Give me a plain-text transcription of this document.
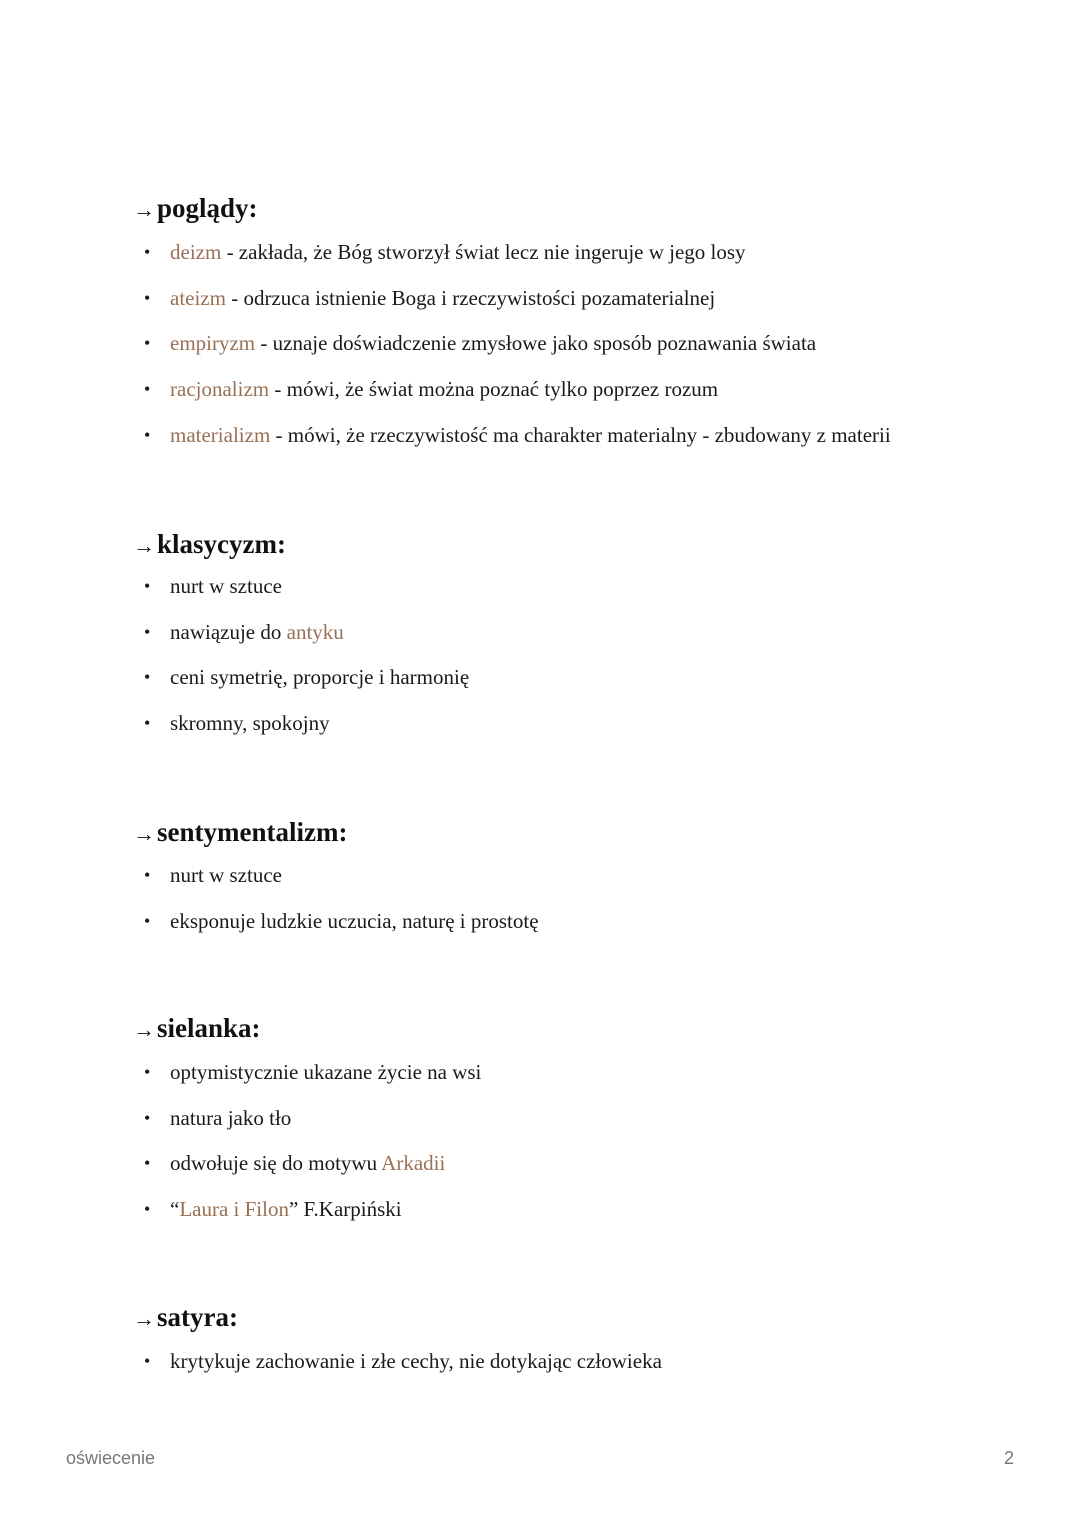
→poglądy:
• deizm - zakłada, że Bóg stworzył świat lecz nie ingeruje w jego losy
• ateizm - odrzuca istnienie Boga i rzeczywistości pozamaterialnej
• empiryzm - uznaje doświadczenie zmysłowe jako sposób poznawania świata
• racjonalizm - mówi, że świat można poznać tylko poprzez rozum
• materializm - mówi, że rzeczywistość ma charakter materialny - zbudowany z materii
→klasycyzm:
• nurt w sztuce
• nawiązuje do antyku
• ceni symetrię, proporcje i harmonię
• skromny, spokojny
→sentymentalizm:
• nurt w sztuce
• eksponuje ludzkie uczucia, naturę i prostotę
→sielanka:
• optymistycznie ukazane życie na wsi
• natura jako tło
• odwołuje się do motywu Arkadii
• “Laura i Filon” F.Karpiński
→satyra:
• krytykuje zachowanie i złe cechy, nie dotykając człowieka
oświecenie	2
